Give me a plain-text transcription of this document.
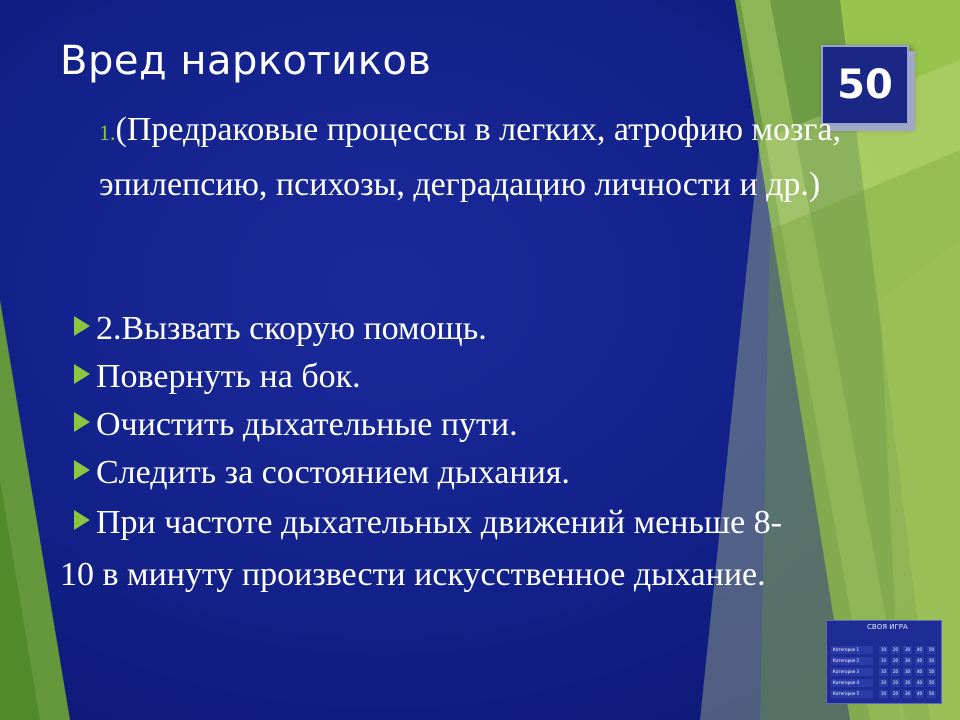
Вред наркотиков
50
1.(Предраковые процессы в легких, атрофию мозга, эпилепсию, психозы, деградацию личности и др.)
2.Вызвать скорую помощь.
Повернуть на бок.
Очистить дыхательные пути.
Следить за состоянием дыхания.
При частоте дыхательных движений меньше 8-10 в минуту произвести искусственное дыхание.
СВОЯ ИГРА
Категория 1	10	20	30	40	50
Категория 2	10	20	30	40	50
Категория 3	10	20	30	40	50
Категория 4	10	20	30	40	50
Категория 5	10	20	30	40	50
